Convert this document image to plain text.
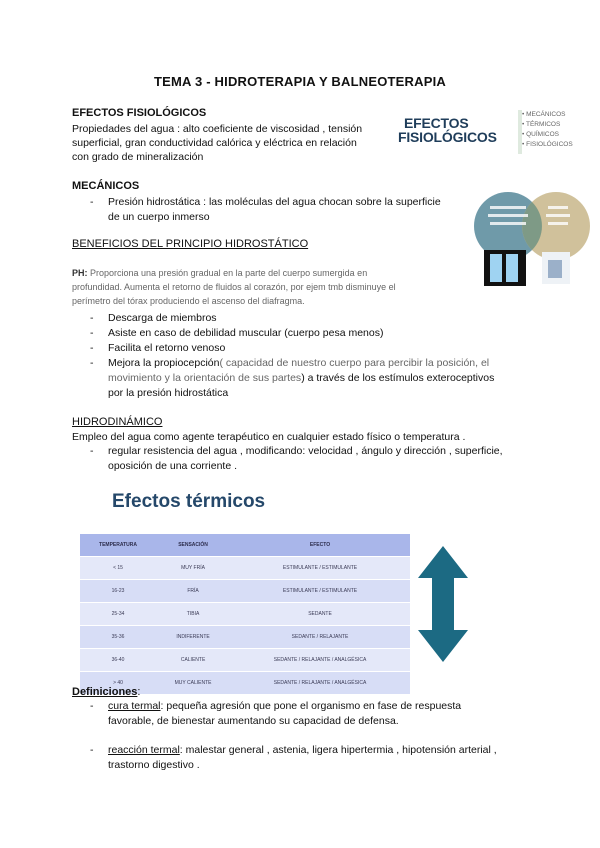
TEMA 3 - HIDROTERAPIA Y BALNEOTERAPIA
EFECTOS FISIOLÓGICOS
Propiedades del agua : alto coeficiente de viscosidad , tensión
superficial, gran conductividad calórica y eléctrica en relación
con grado de mineralización
EFECTOS
FISIOLÓGICOS
• MECÁNICOS
• TÉRMICOS
• QUÍMICOS
• FISIOLÓGICOS
MECÁNICOS
- Presión hidrostática : las moléculas del agua chocan sobre la superficie
de un cuerpo inmerso
BENEFICIOS DEL PRINCIPIO HIDROSTÁTICO
PH: Proporciona una presión gradual en la parte del cuerpo sumergida en
profundidad. Aumenta el retorno de fluidos al corazón, por ejem tmb disminuye el
perímetro del tórax produciendo el ascenso del diafragma.
- Descarga de miembros
- Asiste en caso de debilidad muscular (cuerpo pesa menos)
- Facilita el retorno venoso
- Mejora la propiocepción( capacidad de nuestro cuerpo para percibir la posición, el
movimiento y la orientación de sus partes) a través de los estímulos exteroceptivos
por la presión hidrostática
HIDRODINÁMICO
Empleo del agua como agente terapéutico en cualquier estado físico o temperatura .
- regular resistencia del agua , modificando: velocidad , ángulo y dirección , superficie,
oposición de una corriente .
Efectos térmicos
TEMPERATURA	SENSACIÓN	EFECTO
< 15	MUY FRÍA	ESTIMULANTE / ESTIMULANTE
16-23	FRÍA	ESTIMULANTE / ESTIMULANTE
25-34	TIBIA	SEDANTE
35-36	INDIFERENTE	SEDANTE / RELAJANTE
36-40	CALIENTE	SEDANTE / RELAJANTE / ANALGÉSICA
> 40	MUY CALIENTE	SEDANTE / RELAJANTE / ANALGÉSICA
Definiciones:
- cura termal: pequeña agresión que pone el organismo en fase de respuesta
favorable, de bienestar aumentando su capacidad de defensa.
- reacción termal: malestar general , astenia, ligera hipertermia , hipotensión arterial ,
trastorno digestivo .
